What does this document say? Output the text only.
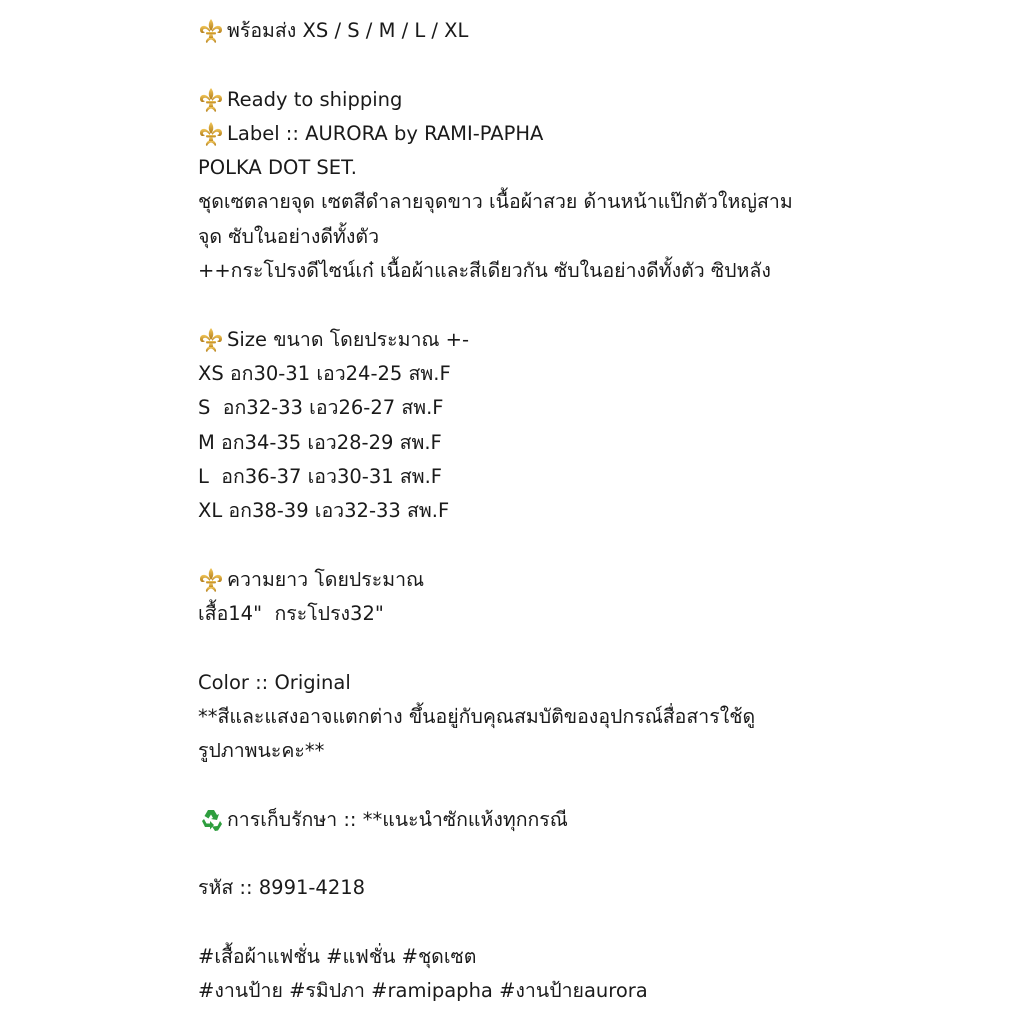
พร้อมส่ง XS / S / M / L / XL
Ready to shipping
Label :: AURORA by RAMI-PAPHA
POLKA DOT SET.
ชุดเซตลายจุด เซตสีดำลายจุดขาว เนื้อผ้าสวย ด้านหน้าแป๊กตัวใหญ่สาม
จุด ซับในอย่างดีทั้งตัว
++กระโปรงดีไซน์เก๋ เนื้อผ้าและสีเดียวกัน ซับในอย่างดีทั้งตัว ซิปหลัง
Size ขนาด โดยประมาณ +-
XS อก30-31 เอว24-25 สพ.F
S  อก32-33 เอว26-27 สพ.F
M อก34-35 เอว28-29 สพ.F
L  อก36-37 เอว30-31 สพ.F
XL อก38-39 เอว32-33 สพ.F
ความยาว โดยประมาณ
เสื้อ14"  กระโปรง32"
Color :: Original
**สีและแสงอาจแตกต่าง ขึ้นอยู่กับคุณสมบัติของอุปกรณ์สื่อสารใช้ดู
รูปภาพนะคะ**
การเก็บรักษา :: **แนะนำซักแห้งทุกกรณี
รหัส :: 8991-4218
#เสื้อผ้าแฟชั่น #แฟชั่น #ชุดเซต
#งานป้าย #รมิปภา #ramipapha #งานป้ายaurora
